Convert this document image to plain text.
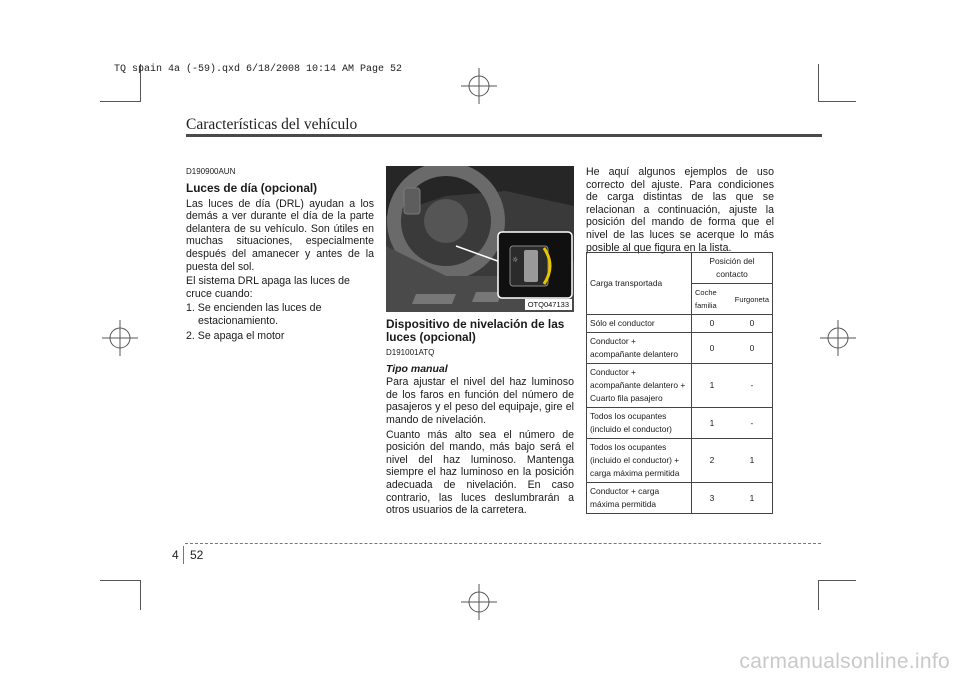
TQ spain 4a (-59).qxd 6/18/2008 10:14 AM Page 52
Características del vehículo
D190900AUN
Luces de día (opcional)

Las luces de día (DRL) ayudan a los demás a ver durante el día de la parte delantera de su vehículo. Son útiles en muchas situaciones, especialmente después del amanecer y antes de la puesta del sol.

El sistema DRL apaga las luces de cruce cuando:

1. Se encienden las luces de estacionamiento.
2. Se apaga el motor
☼
OTQ047133
Dispositivo de nivelación de las luces (opcional)
D191001ATQ
Tipo manual

Para ajustar el nivel del haz luminoso de los faros en función del número de pasajeros y el peso del equipaje, gire el mando de nivelación.

Cuanto más alto sea el número de posición del mando, más bajo será el nivel del haz luminoso. Mantenga siempre el haz luminoso en la posición adecuada de nivelación. En caso contrario, las luces deslumbrarán a otros usuarios de la carretera.

He aquí algunos ejemplos de uso correcto del ajuste. Para condiciones de carga distintas de las que se relacionan a continuación, ajuste la posición del mando de forma que el nivel de las luces se acerque lo más posible al que figura en la lista.

Carga transportada	Posición del contacto	
	Coche familia	Furgoneta
Sólo el conductor	0	0
Conductor + acompañante delantero	0	0
Conductor + acompañante delantero + Cuarto fila pasajero	1	-
Todos los ocupantes (incluido el conductor)	1	-
Todos los ocupantes (incluido el conductor) + carga máxima permitida	2	1
Conductor + carga máxima permitida	3	1
4 52
carmanualsonline.info
